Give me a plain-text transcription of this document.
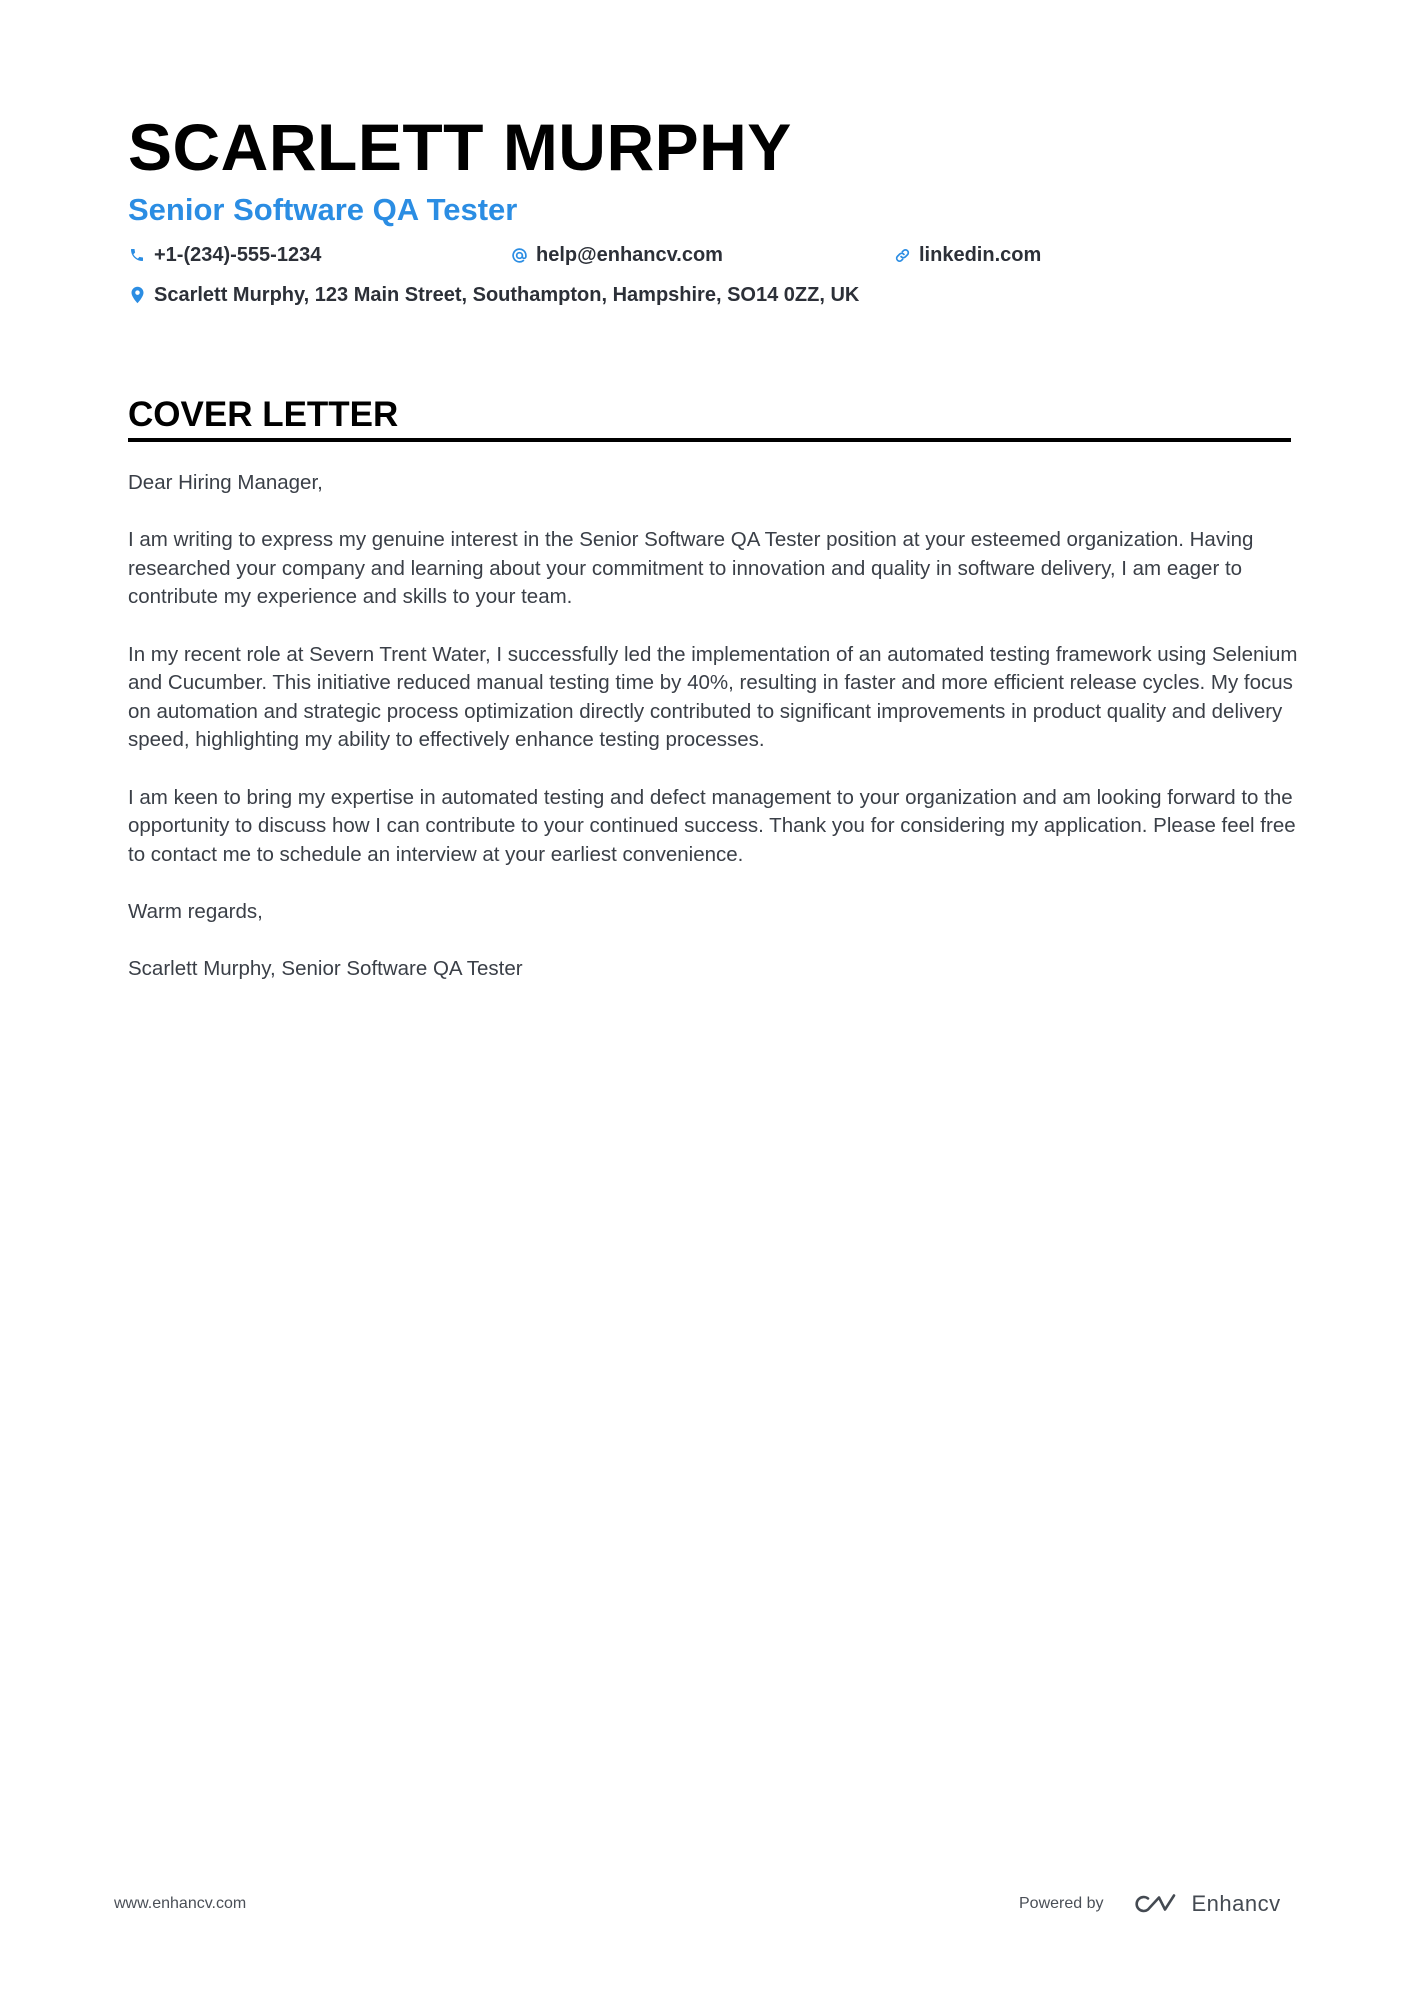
SCARLETT MURPHY
Senior Software QA Tester
+1-(234)-555-1234	help@enhancv.com	linkedin.com
Scarlett Murphy, 123 Main Street, Southampton, Hampshire, SO14 0ZZ, UK
COVER LETTER

Dear Hiring Manager,

I am writing to express my genuine interest in the Senior Software QA Tester position at your esteemed organization. Having researched your company and learning about your commitment to innovation and quality in software delivery, I am eager to contribute my experience and skills to your team.

In my recent role at Severn Trent Water, I successfully led the implementation of an automated testing framework using Selenium and Cucumber. This initiative reduced manual testing time by 40%, resulting in faster and more efficient release cycles. My focus on automation and strategic process optimization directly contributed to significant improvements in product quality and delivery speed, highlighting my ability to effectively enhance testing processes.

I am keen to bring my expertise in automated testing and defect management to your organization and am looking forward to the opportunity to discuss how I can contribute to your continued success. Thank you for considering my application. Please feel free to contact me to schedule an interview at your earliest convenience.

Warm regards,

Scarlett Murphy, Senior Software QA Tester

www.enhancv.com	Powered by	Enhancv
